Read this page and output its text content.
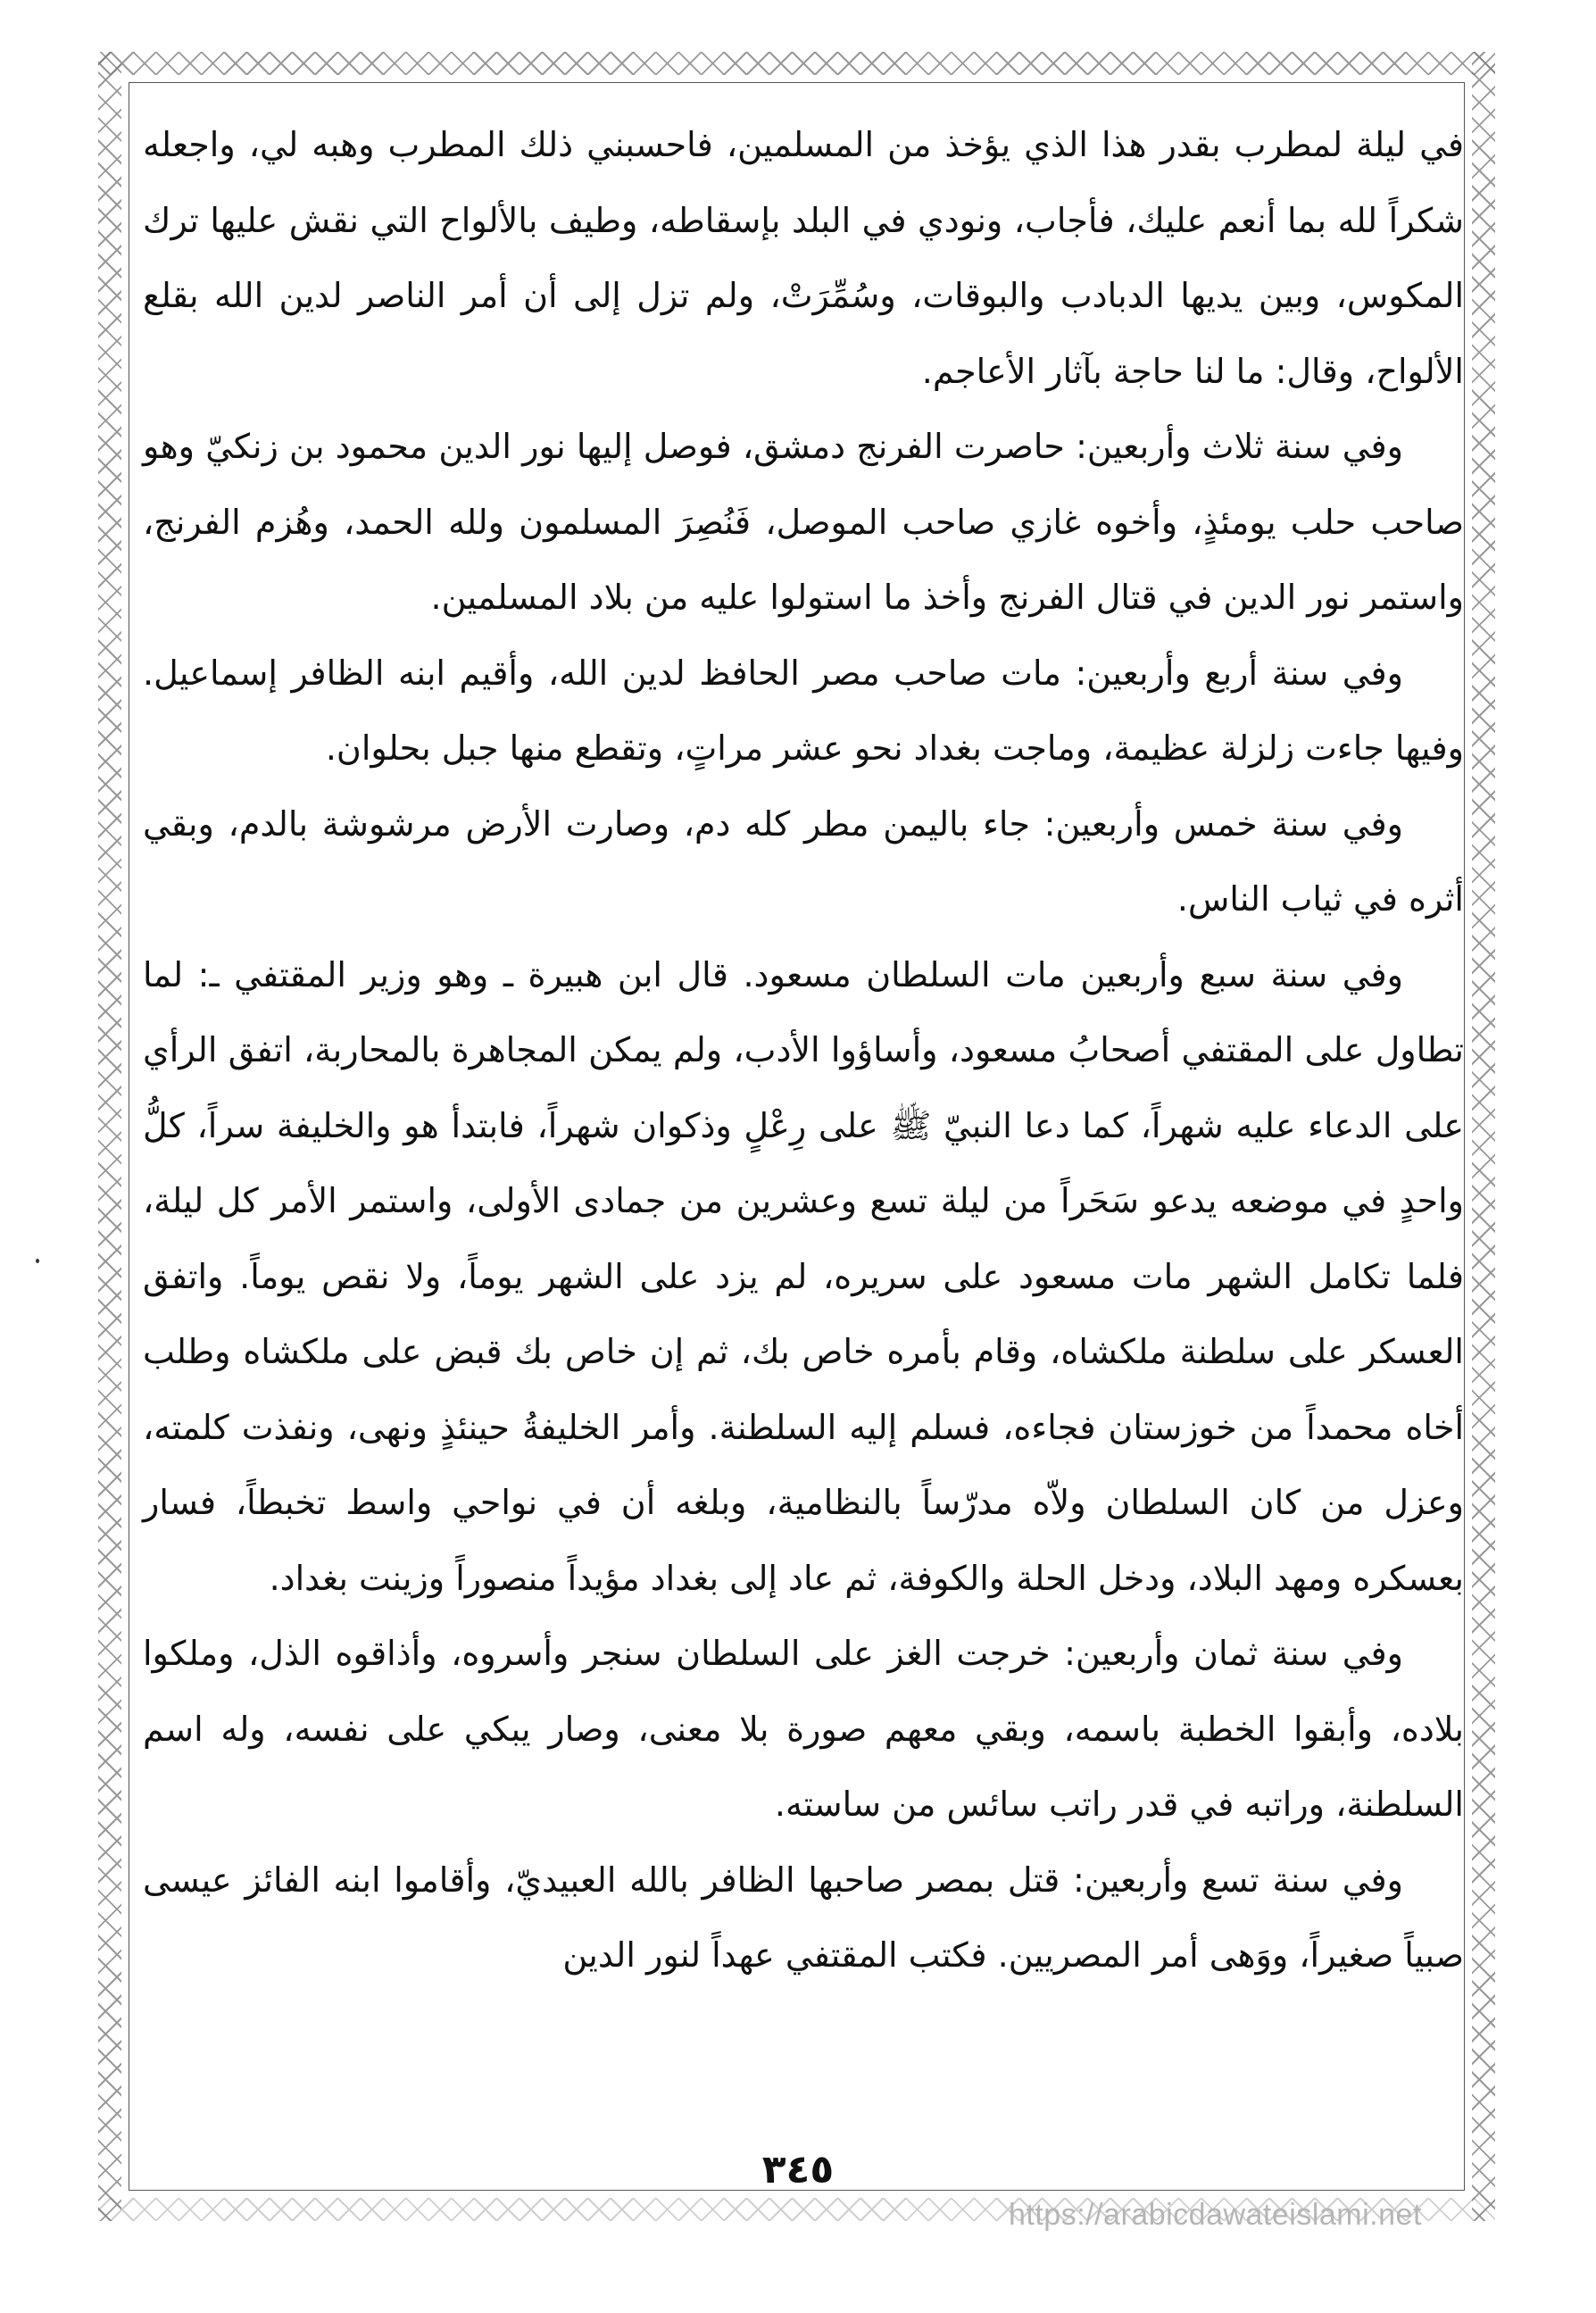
في ليلة لمطرب بقدر هذا الذي يؤخذ من المسلمين، فاحسبني ذلك المطرب وهبه لي، واجعله شكراً لله بما أنعم عليك، فأجاب، ونودي في البلد بإسقاطه، وطيف بالألواح التي نقش عليها ترك المكوس، وبين يديها الدبادب والبوقات، وسُمِّرَتْ، ولم تزل إلى أن أمر الناصر لدين الله بقلع الألواح، وقال: ما لنا حاجة بآثار الأعاجم.

وفي سنة ثلاث وأربعين: حاصرت الفرنج دمشق، فوصل إليها نور الدين محمود بن زنكيّ وهو صاحب حلب يومئذٍ، وأخوه غازي صاحب الموصل، فَنُصِرَ المسلمون ولله الحمد، وهُزم الفرنج، واستمر نور الدين في قتال الفرنج وأخذ ما استولوا عليه من بلاد المسلمين.

وفي سنة أربع وأربعين: مات صاحب مصر الحافظ لدين الله، وأقيم ابنه الظافر إسماعيل. وفيها جاءت زلزلة عظيمة، وماجت بغداد نحو عشر مراتٍ، وتقطع منها جبل بحلوان.

وفي سنة خمس وأربعين: جاء باليمن مطر كله دم، وصارت الأرض مرشوشة بالدم، وبقي أثره في ثياب الناس.

وفي سنة سبع وأربعين مات السلطان مسعود. قال ابن هبيرة ـ وهو وزير المقتفي ـ: لما تطاول على المقتفي أصحابُ مسعود، وأساؤوا الأدب، ولم يمكن المجاهرة بالمحاربة، اتفق الرأي على الدعاء عليه شهراً، كما دعا النبيّ ﷺ على رِعْلٍ وذكوان شهراً، فابتدأ هو والخليفة سراً، كلُّ واحدٍ في موضعه يدعو سَحَراً من ليلة تسع وعشرين من جمادى الأولى، واستمر الأمر كل ليلة، فلما تكامل الشهر مات مسعود على سريره، لم يزد على الشهر يوماً، ولا نقص يوماً. واتفق العسكر على سلطنة ملكشاه، وقام بأمره خاص بك، ثم إن خاص بك قبض على ملكشاه وطلب أخاه محمداً من خوزستان فجاءه، فسلم إليه السلطنة. وأمر الخليفةُ حينئذٍ ونهى، ونفذت كلمته، وعزل من كان السلطان ولاّه مدرّساً بالنظامية، وبلغه أن في نواحي واسط تخبطاً، فسار بعسكره ومهد البلاد، ودخل الحلة والكوفة، ثم عاد إلى بغداد مؤيداً منصوراً وزينت بغداد.

وفي سنة ثمان وأربعين: خرجت الغز على السلطان سنجر وأسروه، وأذاقوه الذل، وملكوا بلاده، وأبقوا الخطبة باسمه، وبقي معهم صورة بلا معنى، وصار يبكي على نفسه، وله اسم السلطنة، وراتبه في قدر راتب سائس من ساسته.

وفي سنة تسع وأربعين: قتل بمصر صاحبها الظافر بالله العبيديّ، وأقاموا ابنه الفائز عيسى صبياً صغيراً، ووَهى أمر المصريين. فكتب المقتفي عهداً لنور الدين

٣٤٥
https://arabicdawateislami.net
